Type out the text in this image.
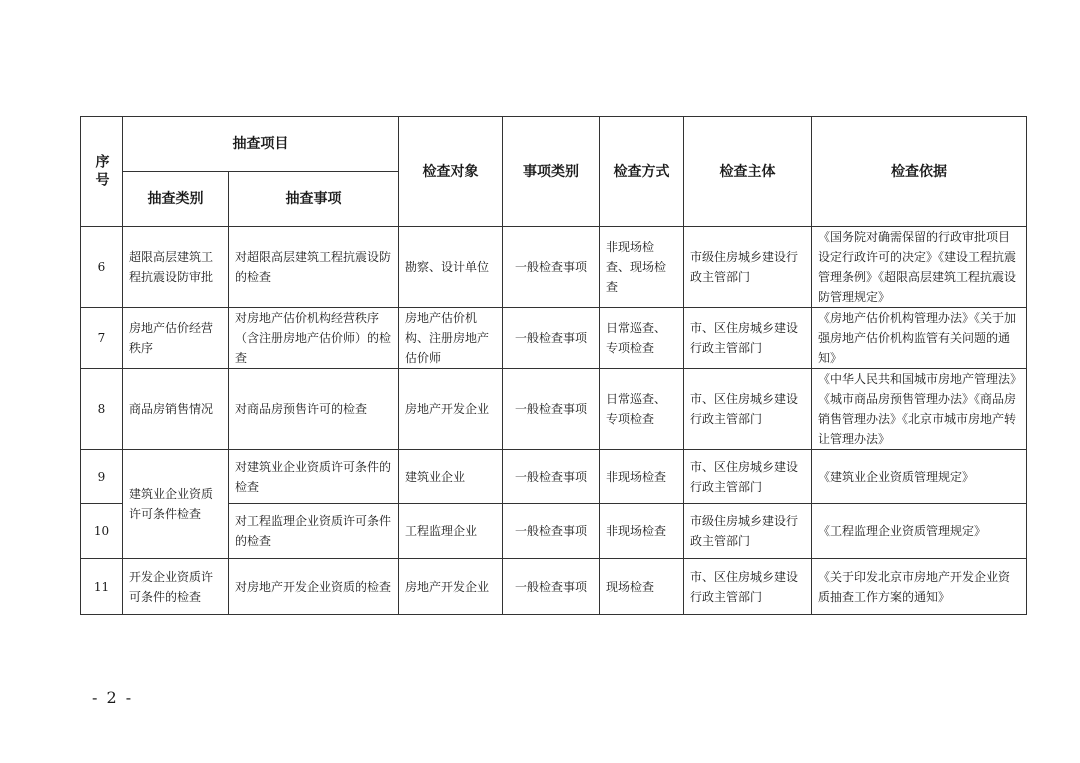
序号	抽查项目		检查对象	事项类别	检查方式	检查主体	检查依据
	抽查类别	抽查事项					
6	超限高层建筑工程抗震设防审批	对超限高层建筑工程抗震设防的检查	勘察、设计单位	一般检查事项	非现场检查、现场检查	市级住房城乡建设行政主管部门	《国务院对确需保留的行政审批项目设定行政许可的决定》《建设工程抗震管理条例》《超限高层建筑工程抗震设防管理规定》
7	房地产估价经营秩序	对房地产估价机构经营秩序（含注册房地产估价师）的检查	房地产估价机构、注册房地产估价师	一般检查事项	日常巡查、专项检查	市、区住房城乡建设行政主管部门	《房地产估价机构管理办法》《关于加强房地产估价机构监管有关问题的通知》
8	商品房销售情况	对商品房预售许可的检查	房地产开发企业	一般检查事项	日常巡查、专项检查	市、区住房城乡建设行政主管部门	《中华人民共和国城市房地产管理法》《城市商品房预售管理办法》《商品房销售管理办法》《北京市城市房地产转让管理办法》
9	建筑业企业资质许可条件检查	对建筑业企业资质许可条件的检查	建筑业企业	一般检查事项	非现场检查	市、区住房城乡建设行政主管部门	《建筑业企业资质管理规定》
10		对工程监理企业资质许可条件的检查	工程监理企业	一般检查事项	非现场检查	市级住房城乡建设行政主管部门	《工程监理企业资质管理规定》
11	开发企业资质许可条件的检查	对房地产开发企业资质的检查	房地产开发企业	一般检查事项	现场检查	市、区住房城乡建设行政主管部门	《关于印发北京市房地产开发企业资质抽查工作方案的通知》
- 2 -
